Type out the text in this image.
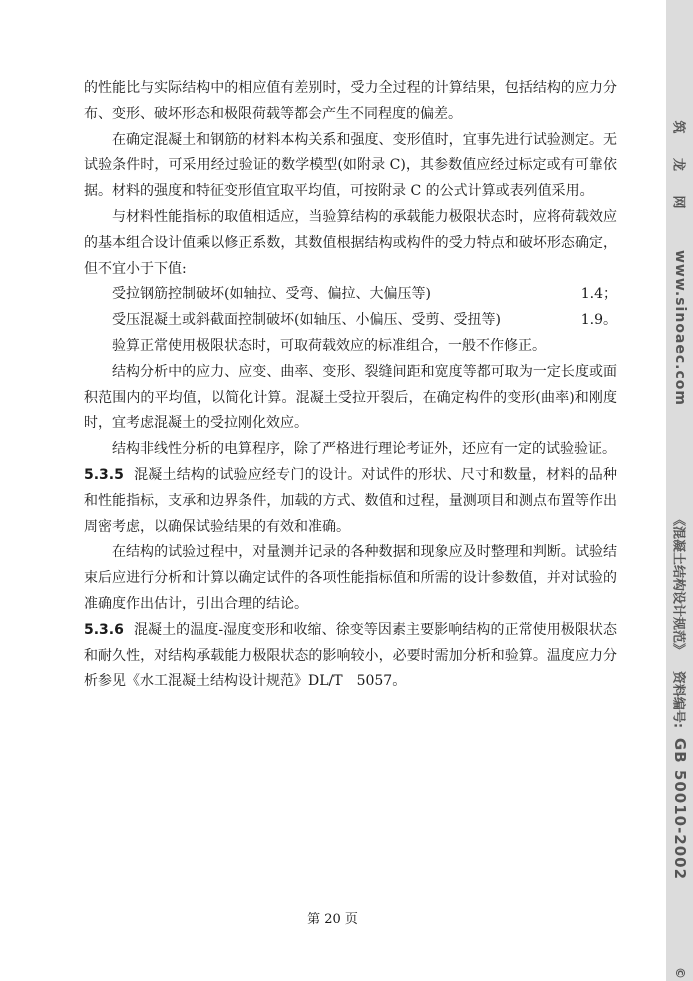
的性能比与实际结构中的相应值有差别时，受力全过程的计算结果，包括结构的应力分布、变形、破坏形态和极限荷载等都会产生不同程度的偏差。

在确定混凝土和钢筋的材料本构关系和强度、变形值时，宜事先进行试验测定。无试验条件时，可采用经过验证的数学模型(如附录 C)，其参数值应经过标定或有可靠依据。材料的强度和特征变形值宜取平均值，可按附录 C 的公式计算或表列值采用。

与材料性能指标的取值相适应，当验算结构的承载能力极限状态时，应将荷载效应的基本组合设计值乘以修正系数，其数值根据结构或构件的受力特点和破坏形态确定，但不宜小于下值:

受拉钢筋控制破坏(如轴拉、受弯、偏拉、大偏压等)	1.4；

受压混凝土或斜截面控制破坏(如轴压、小偏压、受剪、受扭等)	1.9。

验算正常使用极限状态时，可取荷载效应的标准组合，一般不作修正。

结构分析中的应力、应变、曲率、变形、裂缝间距和宽度等都可取为一定长度或面积范围内的平均值，以简化计算。混凝土受拉开裂后，在确定构件的变形(曲率)和刚度时，宜考虑混凝土的受拉刚化效应。

结构非线性分析的电算程序，除了严格进行理论考证外，还应有一定的试验验证。

5.3.5 混凝土结构的试验应经专门的设计。对试件的形状、尺寸和数量，材料的品种和性能指标，支承和边界条件，加载的方式、数值和过程，量测项目和测点布置等作出周密考虑，以确保试验结果的有效和准确。

在结构的试验过程中，对量测并记录的各种数据和现象应及时整理和判断。试验结束后应进行分析和计算以确定试件的各项性能指标值和所需的设计参数值，并对试验的准确度作出估计，引出合理的结论。

5.3.6 混凝土的温度-湿度变形和收缩、徐变等因素主要影响结构的正常使用极限状态和耐久性，对结构承载能力极限状态的影响较小，必要时需加分析和验算。温度应力分析参见《水工混凝土结构设计规范》DL/T　5057。

第 20 页
筑 龙 网
www.sinoaec.com
《混凝土结构设计规范》
资料编号:
GB 50010-2002
©
